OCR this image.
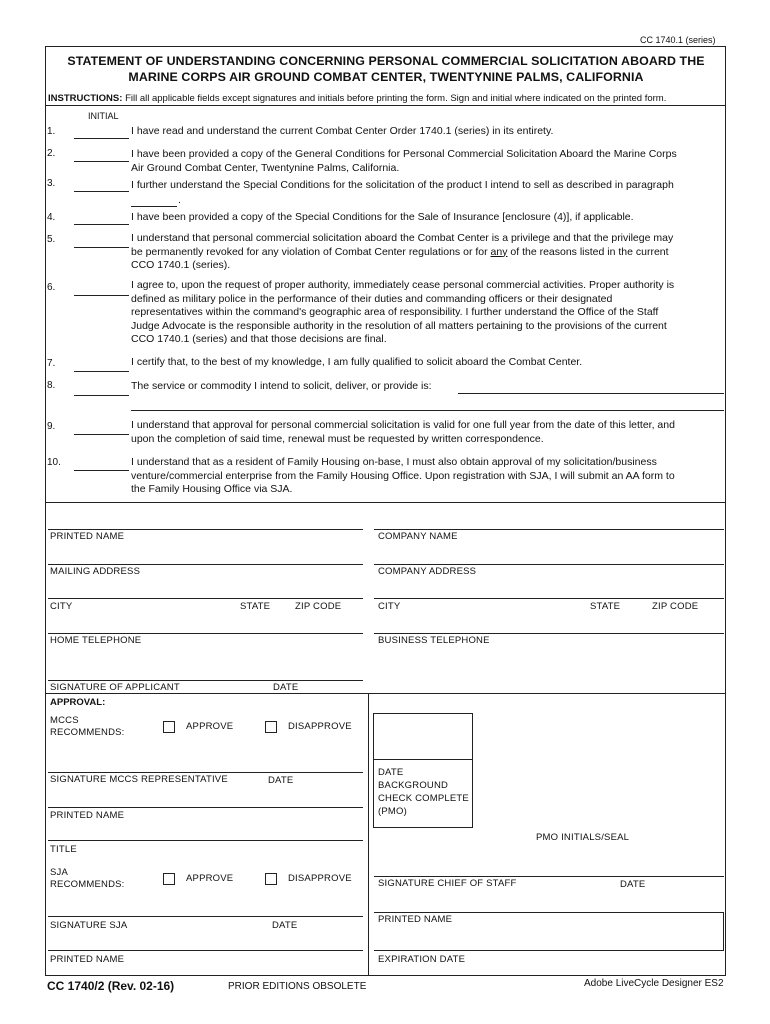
CC 1740.1 (series)
STATEMENT OF UNDERSTANDING CONCERNING PERSONAL COMMERCIAL SOLICITATION ABOARD THE
MARINE CORPS AIR GROUND COMBAT CENTER, TWENTYNINE PALMS, CALIFORNIA
INSTRUCTIONS: Fill all applicable fields except signatures and initials before printing the form. Sign and initial where indicated on the printed form.
INITIAL
1.	I have read and understand the current Combat Center Order 1740.1 (series) in its entirety.
2.	I have been provided a copy of the General Conditions for Personal Commercial Solicitation Aboard the Marine Corps
Air Ground Combat Center, Twentynine Palms, California.
3.	I further understand the Special Conditions for the solicitation of the product I intend to sell as described in paragraph
.
4.	I have been provided a copy of the Special Conditions for the Sale of Insurance [enclosure (4)], if applicable.
5.	I understand that personal commercial solicitation aboard the Combat Center is a privilege and that the privilege may
be permanently revoked for any violation of Combat Center regulations or for any of the reasons listed in the current
CCO 1740.1 (series).
6.	I agree to, upon the request of proper authority, immediately cease personal commercial activities. Proper authority is
defined as military police in the performance of their duties and commanding officers or their designated
representatives within the command's geographic area of responsibility. I further understand the Office of the Staff
Judge Advocate is the responsible authority in the resolution of all matters pertaining to the provisions of the current
CCO 1740.1 (series) and that those decisions are final.
7.	I certify that, to the best of my knowledge, I am fully qualified to solicit aboard the Combat Center.
8.	The service or commodity I intend to solicit, deliver, or provide is:
9.	I understand that approval for personal commercial solicitation is valid for one full year from the date of this letter, and
upon the completion of said time, renewal must be requested by written correspondence.
10.	I understand that as a resident of Family Housing on-base, I must also obtain approval of my solicitation/business
venture/commercial enterprise from the Family Housing Office. Upon registration with SJA, I will submit an AA form to
the Family Housing Office via SJA.
PRINTED NAME	COMPANY NAME
MAILING ADDRESS	COMPANY ADDRESS
CITY	STATE	ZIP CODE	CITY	STATE	ZIP CODE
HOME TELEPHONE	BUSINESS TELEPHONE
SIGNATURE OF APPLICANT	DATE
APPROVAL:
MCCS
RECOMMENDS:
APPROVE	DISAPPROVE
SIGNATURE MCCS REPRESENTATIVE	DATE
PRINTED NAME
TITLE
SJA
RECOMMENDS:
APPROVE	DISAPPROVE
SIGNATURE SJA	DATE
PRINTED NAME
DATE
BACKGROUND
CHECK COMPLETE
(PMO)
PMO INITIALS/SEAL
SIGNATURE CHIEF OF STAFF	DATE
PRINTED NAME
EXPIRATION DATE
CC 1740/2 (Rev. 02-16)	PRIOR EDITIONS OBSOLETE	Adobe LiveCycle Designer ES2
